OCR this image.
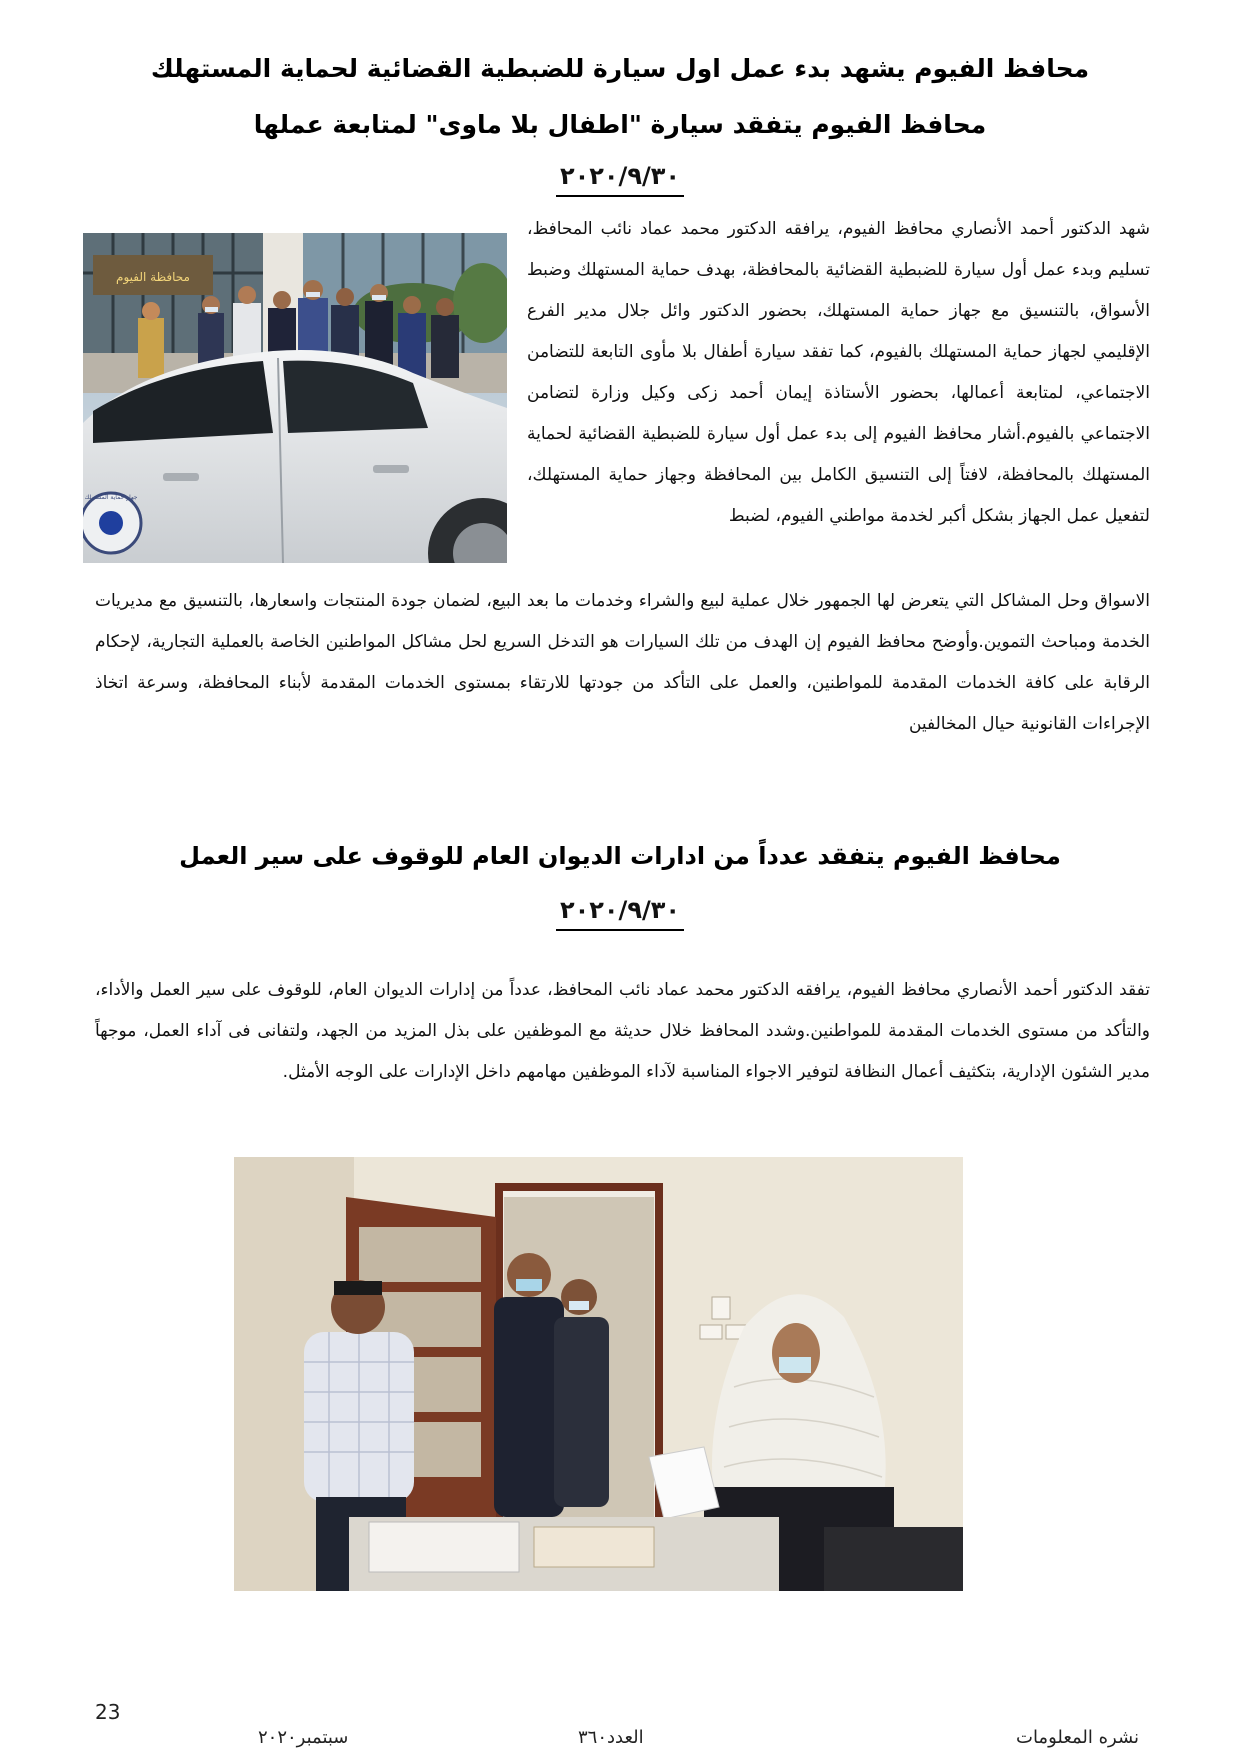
محافظ الفيوم يشهد بدء عمل اول سيارة للضبطية القضائية لحماية المستهلك
محافظ الفيوم يتفقد سيارة "اطفال بلا ماوى" لمتابعة عملها
٢٠٢٠/٩/٣٠
محافظة الفيوم
جهاز حماية المستهلك
شهد الدكتور أحمد الأنصاري محافظ الفيوم، يرافقه الدكتور محمد عماد نائب المحافظ، تسليم وبدء عمل أول سيارة للضبطية القضائية بالمحافظة، بهدف حماية المستهلك وضبط الأسواق، بالتنسيق مع جهاز حماية المستهلك، بحضور الدكتور وائل جلال مدير الفرع الإقليمي لجهاز حماية المستهلك بالفيوم، كما تفقد سيارة أطفال بلا مأوى التابعة للتضامن الاجتماعي، لمتابعة أعمالها، بحضور الأستاذة إيمان أحمد زكى وكيل وزارة لتضامن الاجتماعي بالفيوم.أشار محافظ الفيوم إلى بدء عمل أول سيارة للضبطية القضائية لحماية المستهلك بالمحافظة، لافتاً إلى التنسيق الكامل بين المحافظة وجهاز حماية المستهلك، لتفعيل عمل الجهاز بشكل أكبر لخدمة مواطني الفيوم، لضبط
الاسواق وحل المشاكل التي يتعرض لها الجمهور خلال عملية لبيع والشراء وخدمات ما بعد البيع، لضمان جودة المنتجات واسعارها، بالتنسيق مع مديريات الخدمة ومباحث التموين.وأوضح محافظ الفيوم إن الهدف من تلك السيارات هو التدخل السريع لحل مشاكل المواطنين الخاصة بالعملية التجارية، لإحكام الرقابة على كافة الخدمات المقدمة للمواطنين، والعمل على التأكد من جودتها للارتقاء بمستوى الخدمات المقدمة لأبناء المحافظة، وسرعة اتخاذ الإجراءات القانونية حيال المخالفين
محافظ الفيوم يتفقد عدداً من ادارات الديوان العام للوقوف على سير العمل
٢٠٢٠/٩/٣٠
تفقد الدكتور أحمد الأنصاري محافظ الفيوم، يرافقه الدكتور محمد عماد نائب المحافظ، عدداً من إدارات الديوان العام، للوقوف على سير العمل والأداء، والتأكد من مستوى الخدمات المقدمة للمواطنين.وشدد المحافظ خلال حديثة مع الموظفين على بذل المزيد من الجهد، ولتفانى فى آداء العمل، موجهاً مدير الشئون الإدارية، بتكثيف أعمال النظافة لتوفير الاجواء المناسبة لآداء الموظفين مهامهم داخل الإدارات على الوجه الأمثل.
23
سبتمبر٢٠٢٠	العدد٣٦٠	نشره المعلومات
